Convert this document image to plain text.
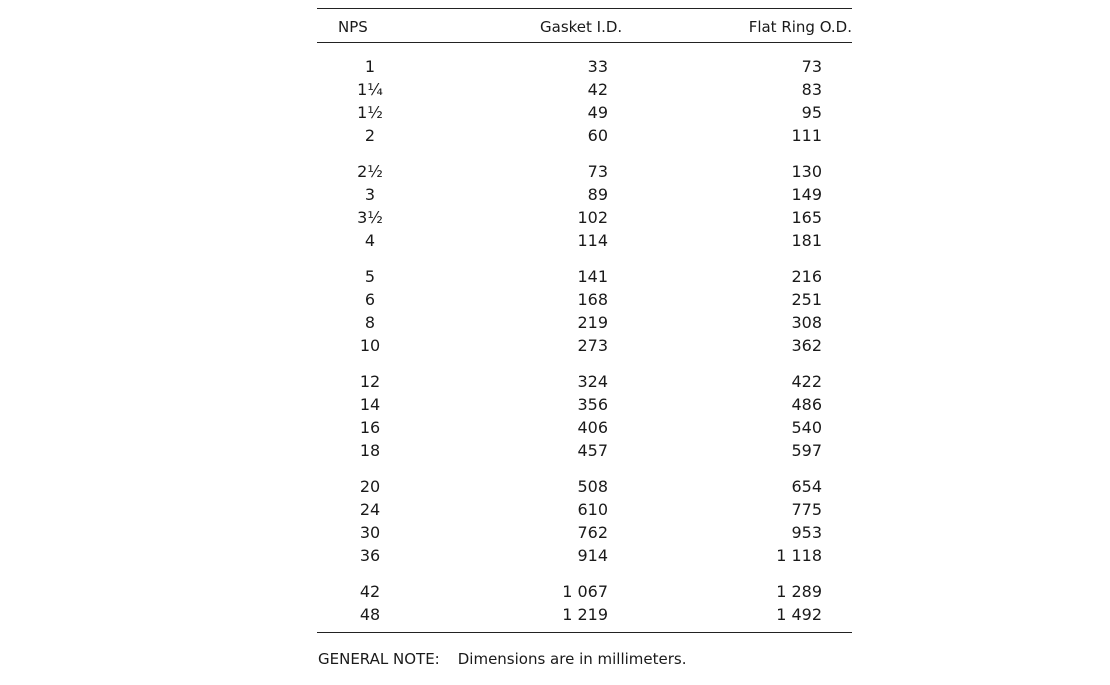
NPS	Gasket I.D.	Flat Ring O.D.
1	33	73
1¼	42	83
1½	49	95
2	60	111
2½	73	130
3	89	149
3½	102	165
4	114	181
5	141	216
6	168	251
8	219	308
10	273	362
12	324	422
14	356	486
16	406	540
18	457	597
20	508	654
24	610	775
30	762	953
36	914	1 118
42	1 067	1 289
48	1 219	1 492
GENERAL NOTE: Dimensions are in millimeters.
